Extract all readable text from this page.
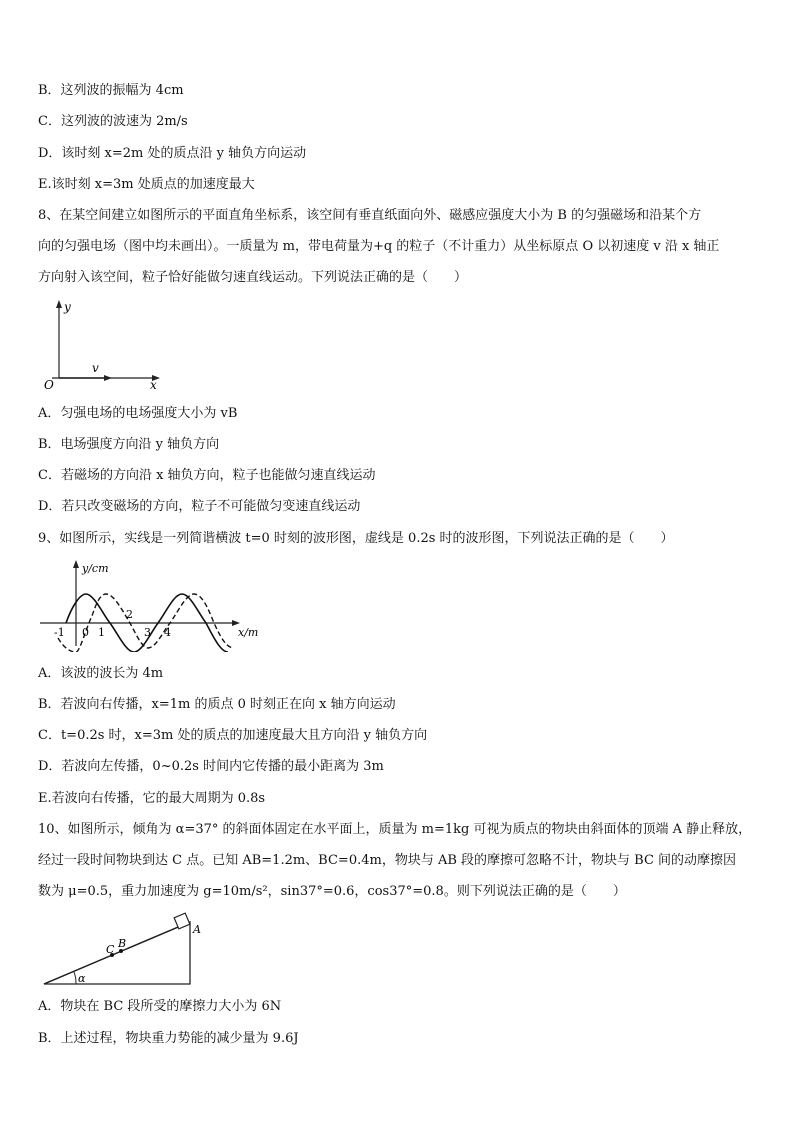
B．这列波的振幅为 4cm
C．这列波的波速为 2m/s
D．该时刻 x=2m 处的质点沿 y 轴负方向运动
E.该时刻 x=3m 处质点的加速度最大
8、在某空间建立如图所示的平面直角坐标系，该空间有垂直纸面向外、磁感应强度大小为 B 的匀强磁场和沿某个方
向的匀强电场（图中均未画出）。一质量为 m，带电荷量为+q 的粒子（不计重力）从坐标原点 O 以初速度 v 沿 x 轴正
方向射入该空间，粒子恰好能做匀速直线运动。下列说法正确的是（　　）
y
x
O
v
A．匀强电场的电场强度大小为 vB
B．电场强度方向沿 y 轴负方向
C．若磁场的方向沿 x 轴负方向，粒子也能做匀速直线运动
D．若只改变磁场的方向，粒子不可能做匀变速直线运动
9、如图所示，实线是一列简谐横波 t=0 时刻的波形图，虚线是 0.2s 时的波形图，下列说法正确的是（　　）
y/cm
x/m
-1 0 1
2
3 4
A．该波的波长为 4m
B．若波向右传播，x=1m 的质点 0 时刻正在向 x 轴方向运动
C．t=0.2s 时，x=3m 处的质点的加速度最大且方向沿 y 轴负方向
D．若波向左传播，0~0.2s 时间内它传播的最小距离为 3m
E.若波向右传播，它的最大周期为 0.8s
10、如图所示，倾角为 α=37° 的斜面体固定在水平面上，质量为 m=1kg 可视为质点的物块由斜面体的顶端 A 静止释放，
经过一段时间物块到达 C 点。已知 AB=1.2m、BC=0.4m，物块与 AB 段的摩擦可忽略不计，物块与 BC 间的动摩擦因
数为 μ=0.5，重力加速度为 g=10m/s²，sin37°=0.6，cos37°=0.8。则下列说法正确的是（　　）
A
B
C
α
A．物块在 BC 段所受的摩擦力大小为 6N
B．上述过程，物块重力势能的减少量为 9.6J
